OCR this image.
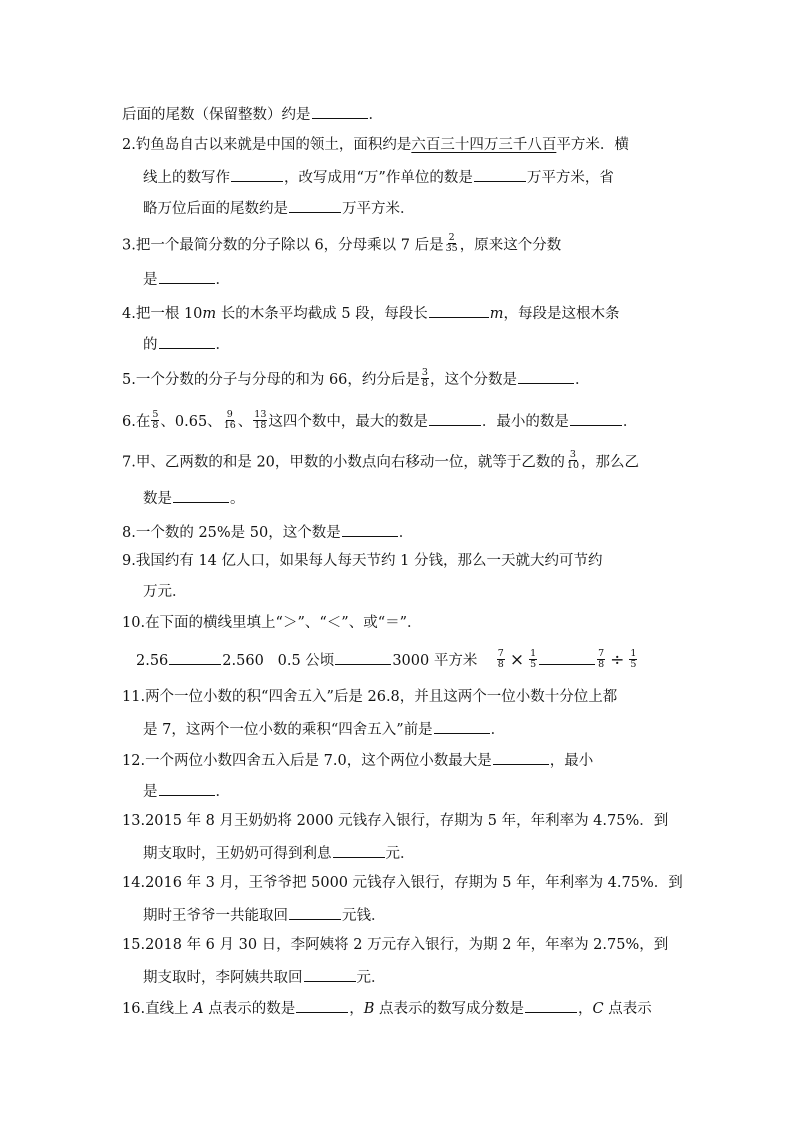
后面的尾数（保留整数）约是	．
2.钓鱼岛自古以来就是中国的领土，面积约是六百三十四万三千八百平方米．横
线上的数写作	，改写成用“万”作单位的数是	万平方米，省
略万位后面的尾数约是	万平方米．
3.把一个最简分数的分子除以 6，分母乘以 7 后是 $\frac{2}{35}$ ，原来这个分数
是	．
4.把一根 10m 长的木条平均截成 5 段，每段长	m，每段是这根木条
的	．
5.一个分数的分子与分母的和为 66，约分后是 $\frac{3}{8}$ ，这个分数是	．
6.在 $\frac{5}{8}$ 、0.65、 $\frac{9}{16}$ 、 $\frac{13}{18}$ 这四个数中，最大的数是	．最小的数是	．
7.甲、乙两数的和是 20，甲数的小数点向右移动一位，就等于乙数的 $\frac{3}{10}$ ，那么乙
数是	。
8.一个数的 25%是 50，这个数是	．
9.我国约有 14 亿人口，如果每人每天节约 1 分钱，那么一天就大约可节约
万元．
10.在下面的横线里填上“＞”、“＜”、或“＝”．
2.56	2.560 0.5 公顷	3000 平方米 $\frac{7}{8} \times \frac{1}{5}$	$\frac{7}{8} \div \frac{1}{5}$
11.两个一位小数的积“四舍五入”后是 26.8，并且这两个一位小数十分位上都
是 7，这两个一位小数的乘积“四舍五入”前是	．
12.一个两位小数四舍五入后是 7.0，这个两位小数最大是	，最小
是	．
13.2015 年 8 月王奶奶将 2000 元钱存入银行，存期为 5 年，年利率为 4.75%．到
期支取时，王奶奶可得到利息	元．
14.2016 年 3 月，王爷爷把 5000 元钱存入银行，存期为 5 年，年利率为 4.75%．到
期时王爷爷一共能取回	元钱．
15.2018 年 6 月 30 日，李阿姨将 2 万元存入银行，为期 2 年，年率为 2.75%，到
期支取时，李阿姨共取回	元．
16.直线上 A 点表示的数是	，B 点表示的数写成分数是	，C 点表示
